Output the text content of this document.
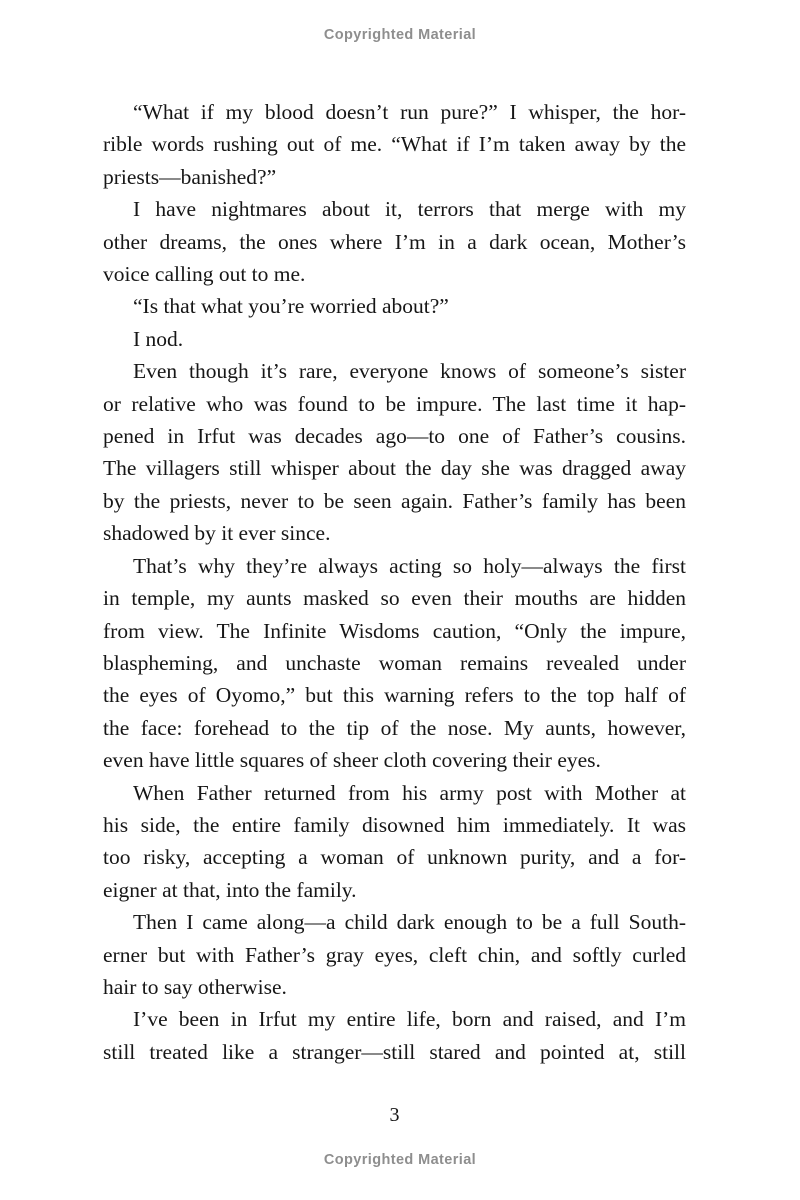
Copyrighted Material

“What if my blood doesn’t run pure?” I whisper, the hor-
rible words rushing out of me. “What if I’m taken away by the
priests—banished?”

I have nightmares about it, terrors that merge with my
other dreams, the ones where I’m in a dark ocean, Mother’s
voice calling out to me.

“Is that what you’re worried about?”

I nod.

Even though it’s rare, everyone knows of someone’s sister
or relative who was found to be impure. The last time it hap-
pened in Irfut was decades ago—to one of Father’s cousins.
The villagers still whisper about the day she was dragged away
by the priests, never to be seen again. Father’s family has been
shadowed by it ever since.

That’s why they’re always acting so holy—always the first
in temple, my aunts masked so even their mouths are hidden
from view. The Infinite Wisdoms caution, “Only the impure,
blaspheming, and unchaste woman remains revealed under
the eyes of Oyomo,” but this warning refers to the top half of
the face: forehead to the tip of the nose. My aunts, however,
even have little squares of sheer cloth covering their eyes.

When Father returned from his army post with Mother at
his side, the entire family disowned him immediately. It was
too risky, accepting a woman of unknown purity, and a for-
eigner at that, into the family.

Then I came along—a child dark enough to be a full South-
erner but with Father’s gray eyes, cleft chin, and softly curled
hair to say otherwise.

I’ve been in Irfut my entire life, born and raised, and I’m
still treated like a stranger—still stared and pointed at, still

3
Copyrighted Material
